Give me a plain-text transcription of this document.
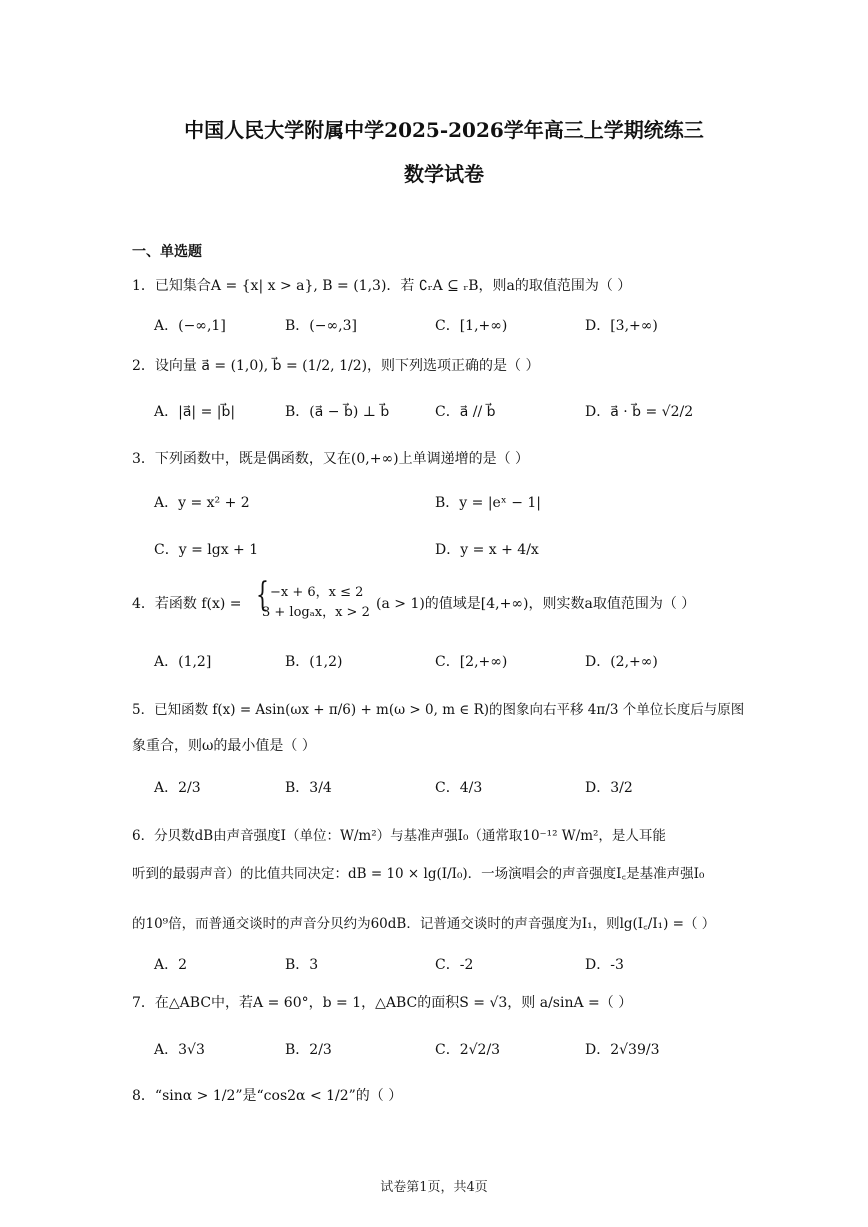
中国人民大学附属中学2025-2026学年高三上学期统练三
数学试卷
一、单选题
1．已知集合A = {x| x > a}, B = (1,3)．若 ∁ᵣA ⊆ ᵣB，则a的取值范围为（ ）
A．(−∞,1]	B．(−∞,3]	C．[1,+∞)	D．[3,+∞)
2．设向量 a⃗ = (1,0), b⃗ = (1/2, 1/2)，则下列选项正确的是（ ）
A．|a⃗| = |b⃗|	B．(a⃗ − b⃗) ⊥ b⃗	C．a⃗ // b⃗	D．a⃗ · b⃗ = √2/2
3．下列函数中，既是偶函数，又在(0,+∞)上单调递增的是（ ）
A．y = x² + 2	B．y = |eˣ − 1|
C．y = lgx + 1	D．y = x + 4/x
4．若函数 f(x) = { −x + 6，x ≤ 2
3 + logₐx，x > 2
(a > 1)的值域是[4,+∞)，则实数a取值范围为（ ）
A．(1,2]	B．(1,2)	C．[2,+∞)	D．(2,+∞)
5．已知函数 f(x) = Asin(ωx + π/6) + m(ω > 0, m ∈ R)的图象向右平移 4π/3 个单位长度后与原图
象重合，则ω的最小值是（ ）
A．2/3	B．3/4	C．4/3	D．3/2
6．分贝数dB由声音强度I（单位：W/m²）与基准声强I₀（通常取10⁻¹² W/m²，是人耳能
听到的最弱声音）的比值共同决定：dB = 10 × lg(I/I₀)．一场演唱会的声音强度I꜀是基准声强I₀
的10⁹倍，而普通交谈时的声音分贝约为60dB．记普通交谈时的声音强度为I₁，则lg(I꜀/I₁) =（ ）
A．2	B．3	C．-2	D．-3
7．在△ABC中，若A = 60°，b = 1，△ABC的面积S = √3，则 a/sinA =（ ）
A．3√3	B．2/3	C．2√2/3	D．2√39/3
8．“sinα > 1/2”是“cos2α < 1/2”的（ ）
试卷第1页，共4页
